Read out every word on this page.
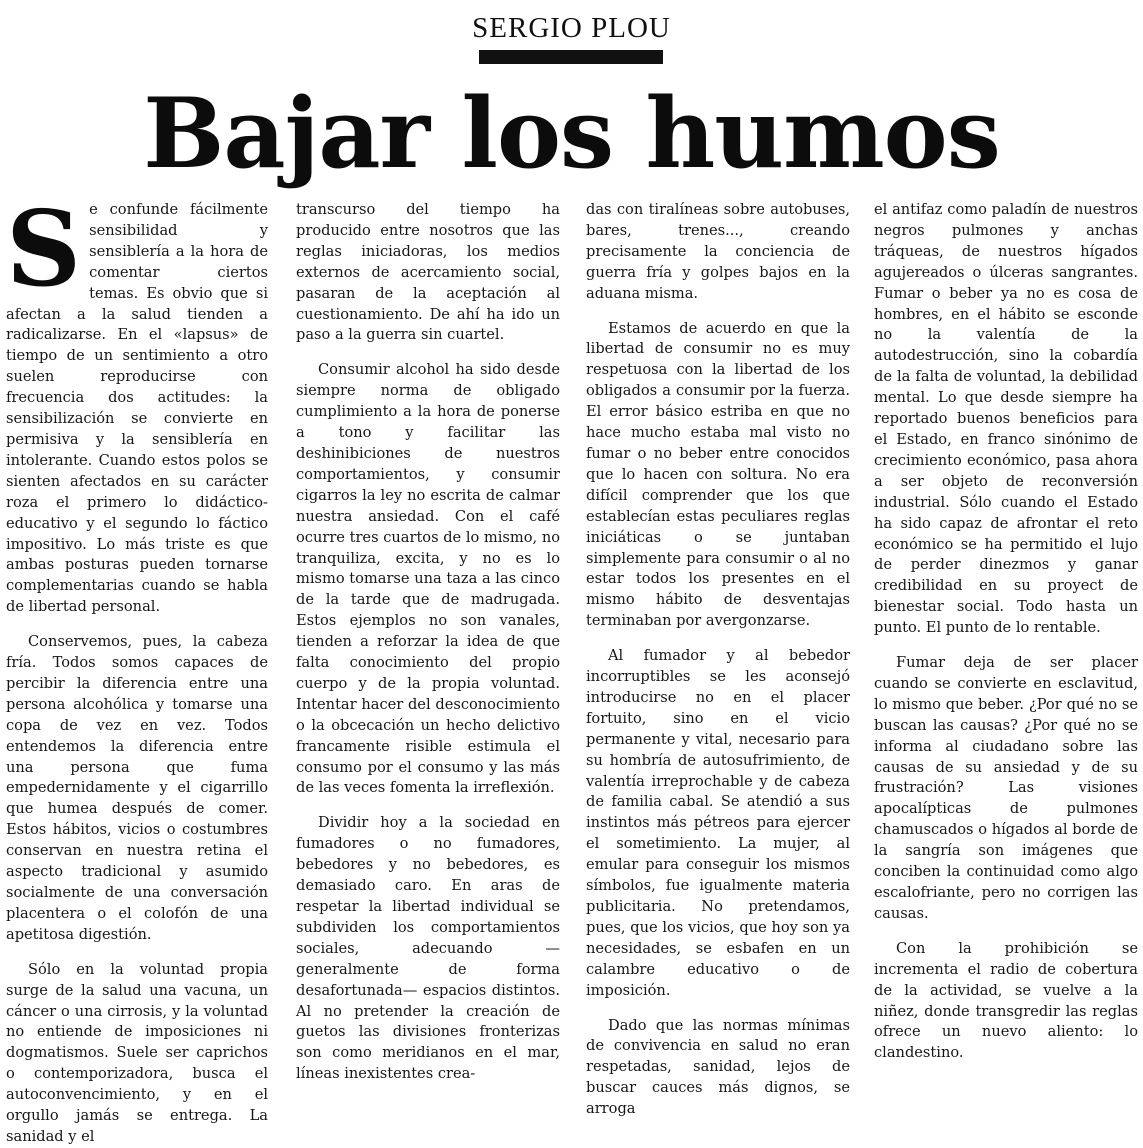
SERGIO PLOU
Bajar los humos

Se confunde fácilmente sensibilidad y sensiblería a la hora de comentar ciertos temas. Es obvio que si afectan a la salud tienden a radicalizarse. En el «lapsus» de tiempo de un sentimiento a otro suelen reproducirse con frecuencia dos actitudes: la sensibilización se convierte en permisiva y la sensiblería en intolerante. Cuando estos polos se sienten afectados en su carácter roza el primero lo didáctico-educativo y el segundo lo fáctico impositivo. Lo más triste es que ambas posturas pueden tornarse complementarias cuando se habla de libertad personal.

Conservemos, pues, la cabeza fría. Todos somos capaces de percibir la diferencia entre una persona alcohólica y tomarse una copa de vez en vez. Todos entendemos la diferencia entre una persona que fuma empedernidamente y el cigarrillo que humea después de comer. Estos hábitos, vicios o costumbres conservan en nuestra retina el aspecto tradicional y asumido socialmente de una conversación placentera o el colofón de una apetitosa digestión.

Sólo en la voluntad propia surge de la salud una vacuna, un cáncer o una cirrosis, y la voluntad no entiende de imposiciones ni dogmatismos. Suele ser caprichos o contemporizadora, busca el autoconvencimiento, y en el orgullo jamás se entrega. La sanidad y el

transcurso del tiempo ha producido entre nosotros que las reglas iniciadoras, los medios externos de acercamiento social, pasaran de la aceptación al cuestionamiento. De ahí ha ido un paso a la guerra sin cuartel.

Consumir alcohol ha sido desde siempre norma de obligado cumplimiento a la hora de ponerse a tono y facilitar las deshinibiciones de nuestros comportamientos, y consumir cigarros la ley no escrita de calmar nuestra ansiedad. Con el café ocurre tres cuartos de lo mismo, no tranquiliza, excita, y no es lo mismo tomarse una taza a las cinco de la tarde que de madrugada. Estos ejemplos no son vanales, tienden a reforzar la idea de que falta conocimiento del propio cuerpo y de la propia voluntad. Intentar hacer del desconocimiento o la obcecación un hecho delictivo francamente risible estimula el consumo por el consumo y las más de las veces fomenta la irreflexión.

Dividir hoy a la sociedad en fumadores o no fumadores, bebedores y no bebedores, es demasiado caro. En aras de respetar la libertad individual se subdividen los comportamientos sociales, adecuando —generalmente de forma desafortunada— espacios distintos. Al no pretender la creación de guetos las divisiones fronterizas son como meridianos en el mar, líneas inexistentes crea-

das con tiralíneas sobre autobuses, bares, trenes..., creando precisamente la conciencia de guerra fría y golpes bajos en la aduana misma.

Estamos de acuerdo en que la libertad de consumir no es muy respetuosa con la libertad de los obligados a consumir por la fuerza. El error básico estriba en que no hace mucho estaba mal visto no fumar o no beber entre conocidos que lo hacen con soltura. No era difícil comprender que los que establecían estas peculiares reglas iniciáticas o se juntaban simplemente para consumir o al no estar todos los presentes en el mismo hábito de desventajas terminaban por avergonzarse.

Al fumador y al bebedor incorruptibles se les aconsejó introducirse no en el placer fortuito, sino en el vicio permanente y vital, necesario para su hombría de autosufrimiento, de valentía irreprochable y de cabeza de familia cabal. Se atendió a sus instintos más pétreos para ejercer el sometimiento. La mujer, al emular para conseguir los mismos símbolos, fue igualmente materia publicitaria. No pretendamos, pues, que los vicios, que hoy son ya necesidades, se esbafen en un calambre educativo o de imposición.

Dado que las normas mínimas de convivencia en salud no eran respetadas, sanidad, lejos de buscar cauces más dignos, se arroga

el antifaz como paladín de nuestros negros pulmones y anchas tráqueas, de nuestros hígados agujereados o úlceras sangrantes. Fumar o beber ya no es cosa de hombres, en el hábito se esconde no la valentía de la autodestrucción, sino la cobardía de la falta de voluntad, la debilidad mental. Lo que desde siempre ha reportado buenos beneficios para el Estado, en franco sinónimo de crecimiento económico, pasa ahora a ser objeto de reconversión industrial. Sólo cuando el Estado ha sido capaz de afrontar el reto económico se ha permitido el lujo de perder dinezmos y ganar credibilidad en su proyect de bienestar social. Todo hasta un punto. El punto de lo rentable.

Fumar deja de ser placer cuando se convierte en esclavitud, lo mismo que beber. ¿Por qué no se buscan las causas? ¿Por qué no se informa al ciudadano sobre las causas de su ansiedad y de su frustración? Las visiones apocalípticas de pulmones chamuscados o hígados al borde de la sangría son imágenes que conciben la continuidad como algo escalofriante, pero no corrigen las causas.

Con la prohibición se incrementa el radio de cobertura de la actividad, se vuelve a la niñez, donde transgredir las reglas ofrece un nuevo aliento: lo clandestino.
